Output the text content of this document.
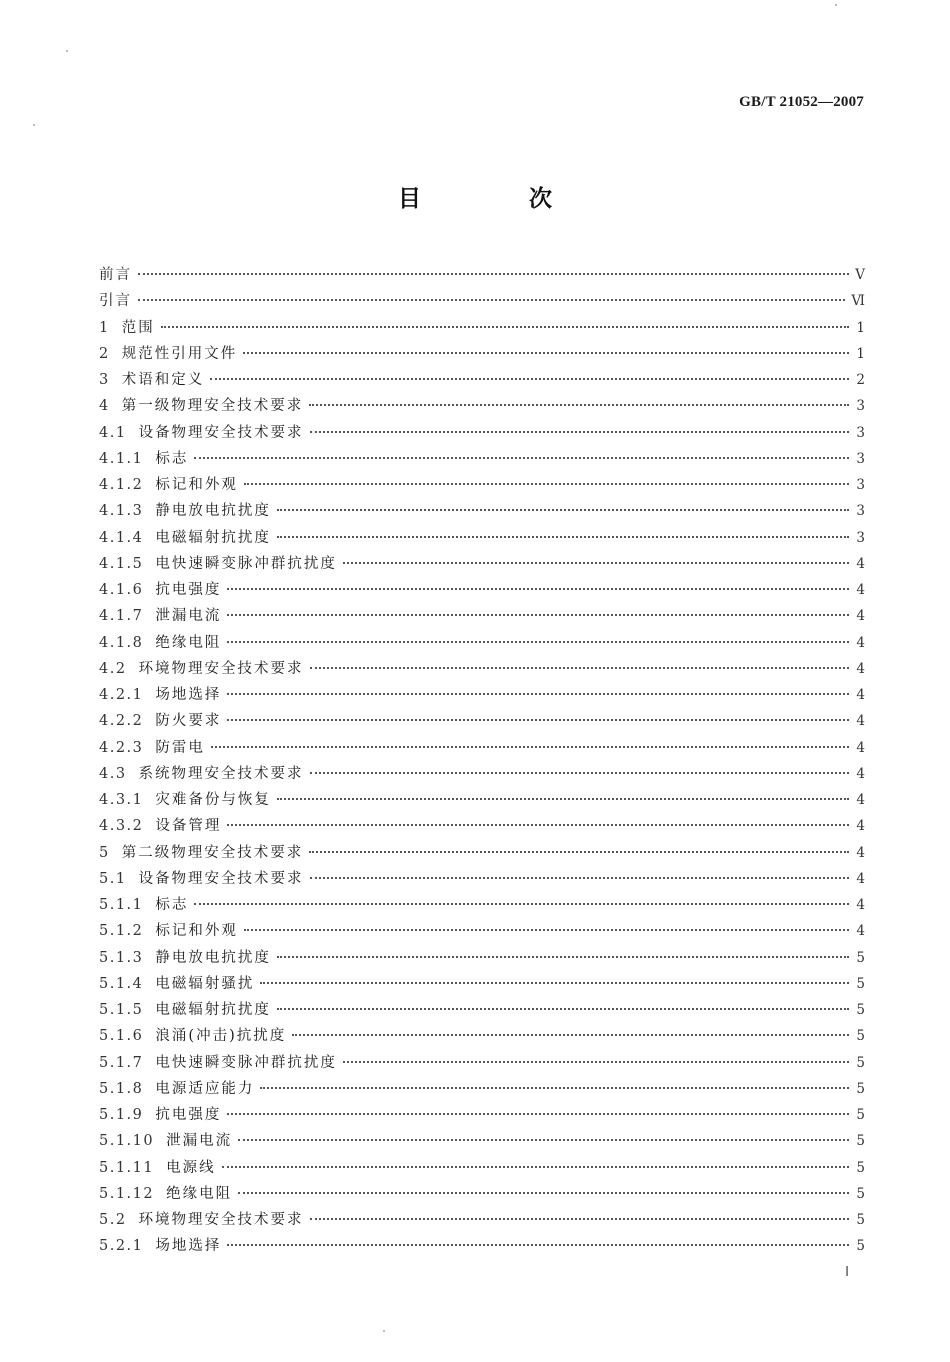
GB/T 21052—2007
目 次
前言	Ⅴ
引言	Ⅵ
1 范围	1
2 规范性引用文件	1
3 术语和定义	2
4 第一级物理安全技术要求	3
4.1 设备物理安全技术要求	3
4.1.1 标志	3
4.1.2 标记和外观	3
4.1.3 静电放电抗扰度	3
4.1.4 电磁辐射抗扰度	3
4.1.5 电快速瞬变脉冲群抗扰度	4
4.1.6 抗电强度	4
4.1.7 泄漏电流	4
4.1.8 绝缘电阻	4
4.2 环境物理安全技术要求	4
4.2.1 场地选择	4
4.2.2 防火要求	4
4.2.3 防雷电	4
4.3 系统物理安全技术要求	4
4.3.1 灾难备份与恢复	4
4.3.2 设备管理	4
5 第二级物理安全技术要求	4
5.1 设备物理安全技术要求	4
5.1.1 标志	4
5.1.2 标记和外观	4
5.1.3 静电放电抗扰度	5
5.1.4 电磁辐射骚扰	5
5.1.5 电磁辐射抗扰度	5
5.1.6 浪涌(冲击)抗扰度	5
5.1.7 电快速瞬变脉冲群抗扰度	5
5.1.8 电源适应能力	5
5.1.9 抗电强度	5
5.1.10 泄漏电流	5
5.1.11 电源线	5
5.1.12 绝缘电阻	5
5.2 环境物理安全技术要求	5
5.2.1 场地选择	5
Ⅰ
